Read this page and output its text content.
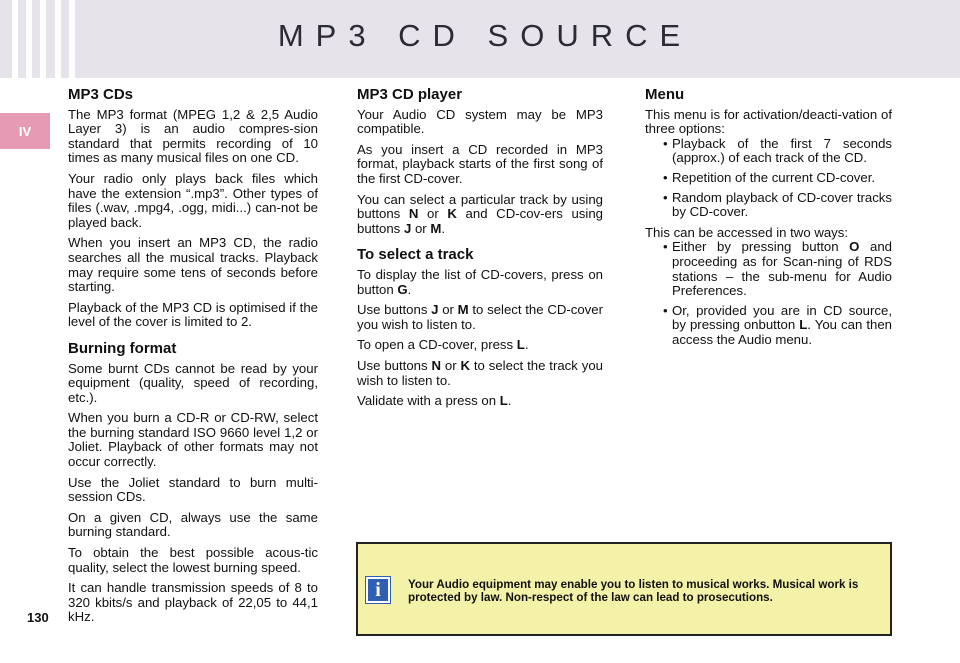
MP3 CD SOURCE
IV
130
MP3 CDs

The MP3 format (MPEG 1,2 & 2,5 Audio Layer 3) is an audio compres-sion standard that permits recording of 10 times as many musical files on one CD.

Your radio only plays back files which have the extension “.mp3”. Other types of files (.wav, .mpg4, .ogg, midi...) can-not be played back.

When you insert an MP3 CD, the radio searches all the musical tracks. Playback may require some tens of seconds before starting.

Playback of the MP3 CD is optimised if the level of the cover is limited to 2.

Burning format

Some burnt CDs cannot be read by your equipment (quality, speed of recording, etc.).

When you burn a CD-R or CD-RW, select the burning standard ISO 9660 level 1,2 or Joliet. Playback of other formats may not occur correctly.

Use the Joliet standard to burn multi-session CDs.

On a given CD, always use the same burning standard.

To obtain the best possible acous-tic quality, select the lowest burning speed.

It can handle transmission speeds of 8 to 320 kbits/s and playback of 22,05 to 44,1 kHz.

MP3 CD player

Your Audio CD system may be MP3 compatible.

As you insert a CD recorded in MP3 format, playback starts of the first song of the first CD-cover.

You can select a particular track by using buttons N or K and CD-cov-ers using buttons J or M.

To select a track

To display the list of CD-covers, press on button G.

Use buttons J or M to select the CD-cover you wish to listen to.

To open a CD-cover, press L.

Use buttons N or K to select the track you wish to listen to.

Validate with a press on L.

Menu

This menu is for activation/deacti-vation of three options:

• Playback of the first 7 seconds (approx.) of each track of the CD.
• Repetition of the current CD-cover.
• Random playback of CD-cover tracks by CD-cover.

This can be accessed in two ways:

• Either by pressing button O and proceeding as for Scan-ning of RDS stations – the sub-menu for Audio Preferences.
• Or, provided you are in CD source, by pressing onbutton L. You can then access the Audio menu.
i	Your Audio equipment may enable you to listen to musical works. Musical work is protected by law. Non-respect of the law can lead to prosecutions.
